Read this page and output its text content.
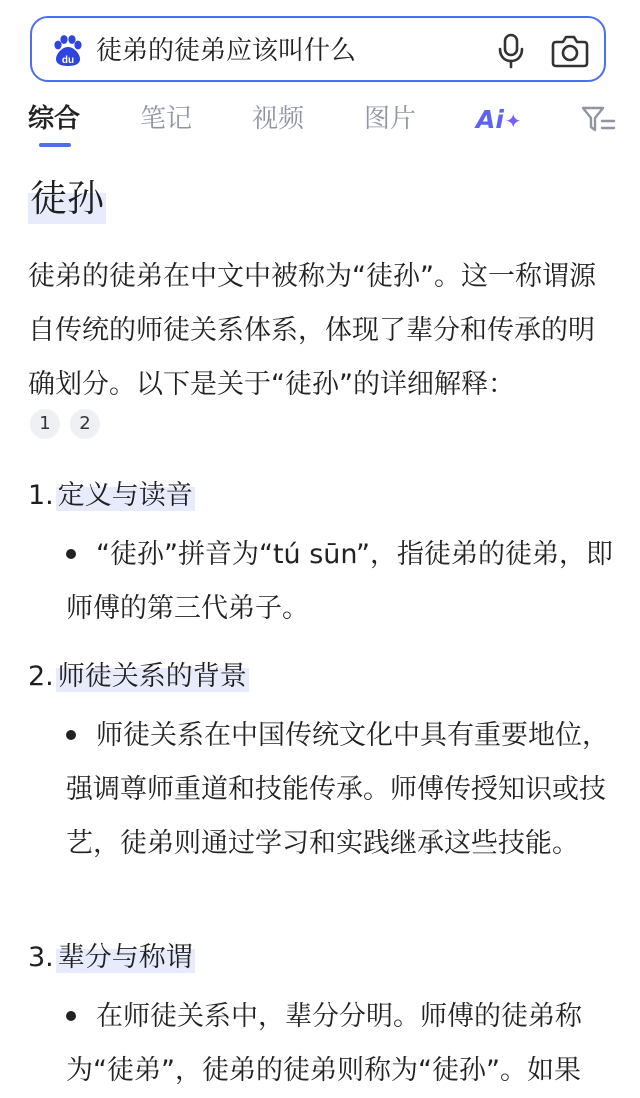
du 徒弟的徒弟应该叫什么
综合 笔记 视频 图片 Ai✦
徒孙
徒弟的徒弟在中文中被称为“徒孙”。这一称谓源自传统的师徒关系体系，体现了辈分和传承的明确划分。以下是关于“徒孙”的详细解释：
1	2
1. 定义与读音
“徒孙”拼音为“tú sūn”，指徒弟的徒弟，即师傅的第三代弟子。
2. 师徒关系的背景
师徒关系在中国传统文化中具有重要地位，强调尊师重道和技能传承。师傅传授知识或技艺，徒弟则通过学习和实践继承这些技能。
3. 辈分与称谓
在师徒关系中，辈分分明。师傅的徒弟称为“徒弟”，徒弟的徒弟则称为“徒孙”。如果
